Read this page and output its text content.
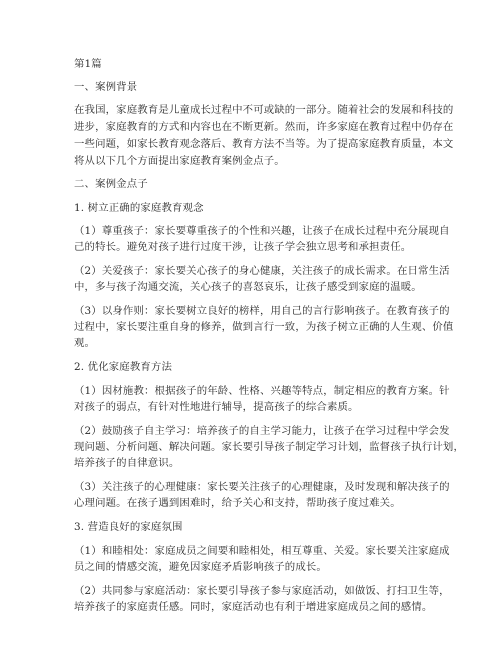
第1篇
一、案例背景
在我国，家庭教育是儿童成长过程中不可或缺的一部分。随着社会的发展和科技的
进步，家庭教育的方式和内容也在不断更新。然而，许多家庭在教育过程中仍存在
一些问题，如家长教育观念落后、教育方法不当等。为了提高家庭教育质量，本文
将从以下几个方面提出家庭教育案例金点子。
二、案例金点子
1. 树立正确的家庭教育观念
（1）尊重孩子：家长要尊重孩子的个性和兴趣，让孩子在成长过程中充分展现自
己的特长。避免对孩子进行过度干涉，让孩子学会独立思考和承担责任。
（2）关爱孩子：家长要关心孩子的身心健康，关注孩子的成长需求。在日常生活
中，多与孩子沟通交流，关心孩子的喜怒哀乐，让孩子感受到家庭的温暖。
（3）以身作则：家长要树立良好的榜样，用自己的言行影响孩子。在教育孩子的
过程中，家长要注重自身的修养，做到言行一致，为孩子树立正确的人生观、价值
观。
2. 优化家庭教育方法
（1）因材施教：根据孩子的年龄、性格、兴趣等特点，制定相应的教育方案。针
对孩子的弱点，有针对性地进行辅导，提高孩子的综合素质。
（2）鼓励孩子自主学习：培养孩子的自主学习能力，让孩子在学习过程中学会发
现问题、分析问题、解决问题。家长要引导孩子制定学习计划，监督孩子执行计划，
培养孩子的自律意识。
（3）关注孩子的心理健康：家长要关注孩子的心理健康，及时发现和解决孩子的
心理问题。在孩子遇到困难时，给予关心和支持，帮助孩子度过难关。
3. 营造良好的家庭氛围
（1）和睦相处：家庭成员之间要和睦相处，相互尊重、关爱。家长要关注家庭成
员之间的情感交流，避免因家庭矛盾影响孩子的成长。
（2）共同参与家庭活动：家长要引导孩子参与家庭活动，如做饭、打扫卫生等，
培养孩子的家庭责任感。同时，家庭活动也有利于增进家庭成员之间的感情。
